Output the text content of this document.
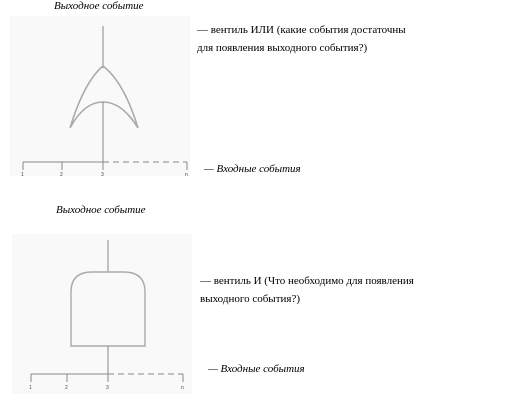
1	2	3	n
1	2	3	n
Выходное событие
— вентиль ИЛИ (какие события достаточны
для появления выходного события?)
— Входные события
Выходное событие
— вентиль И (Что необходимо для появления
выходного события?)
— Входные события
